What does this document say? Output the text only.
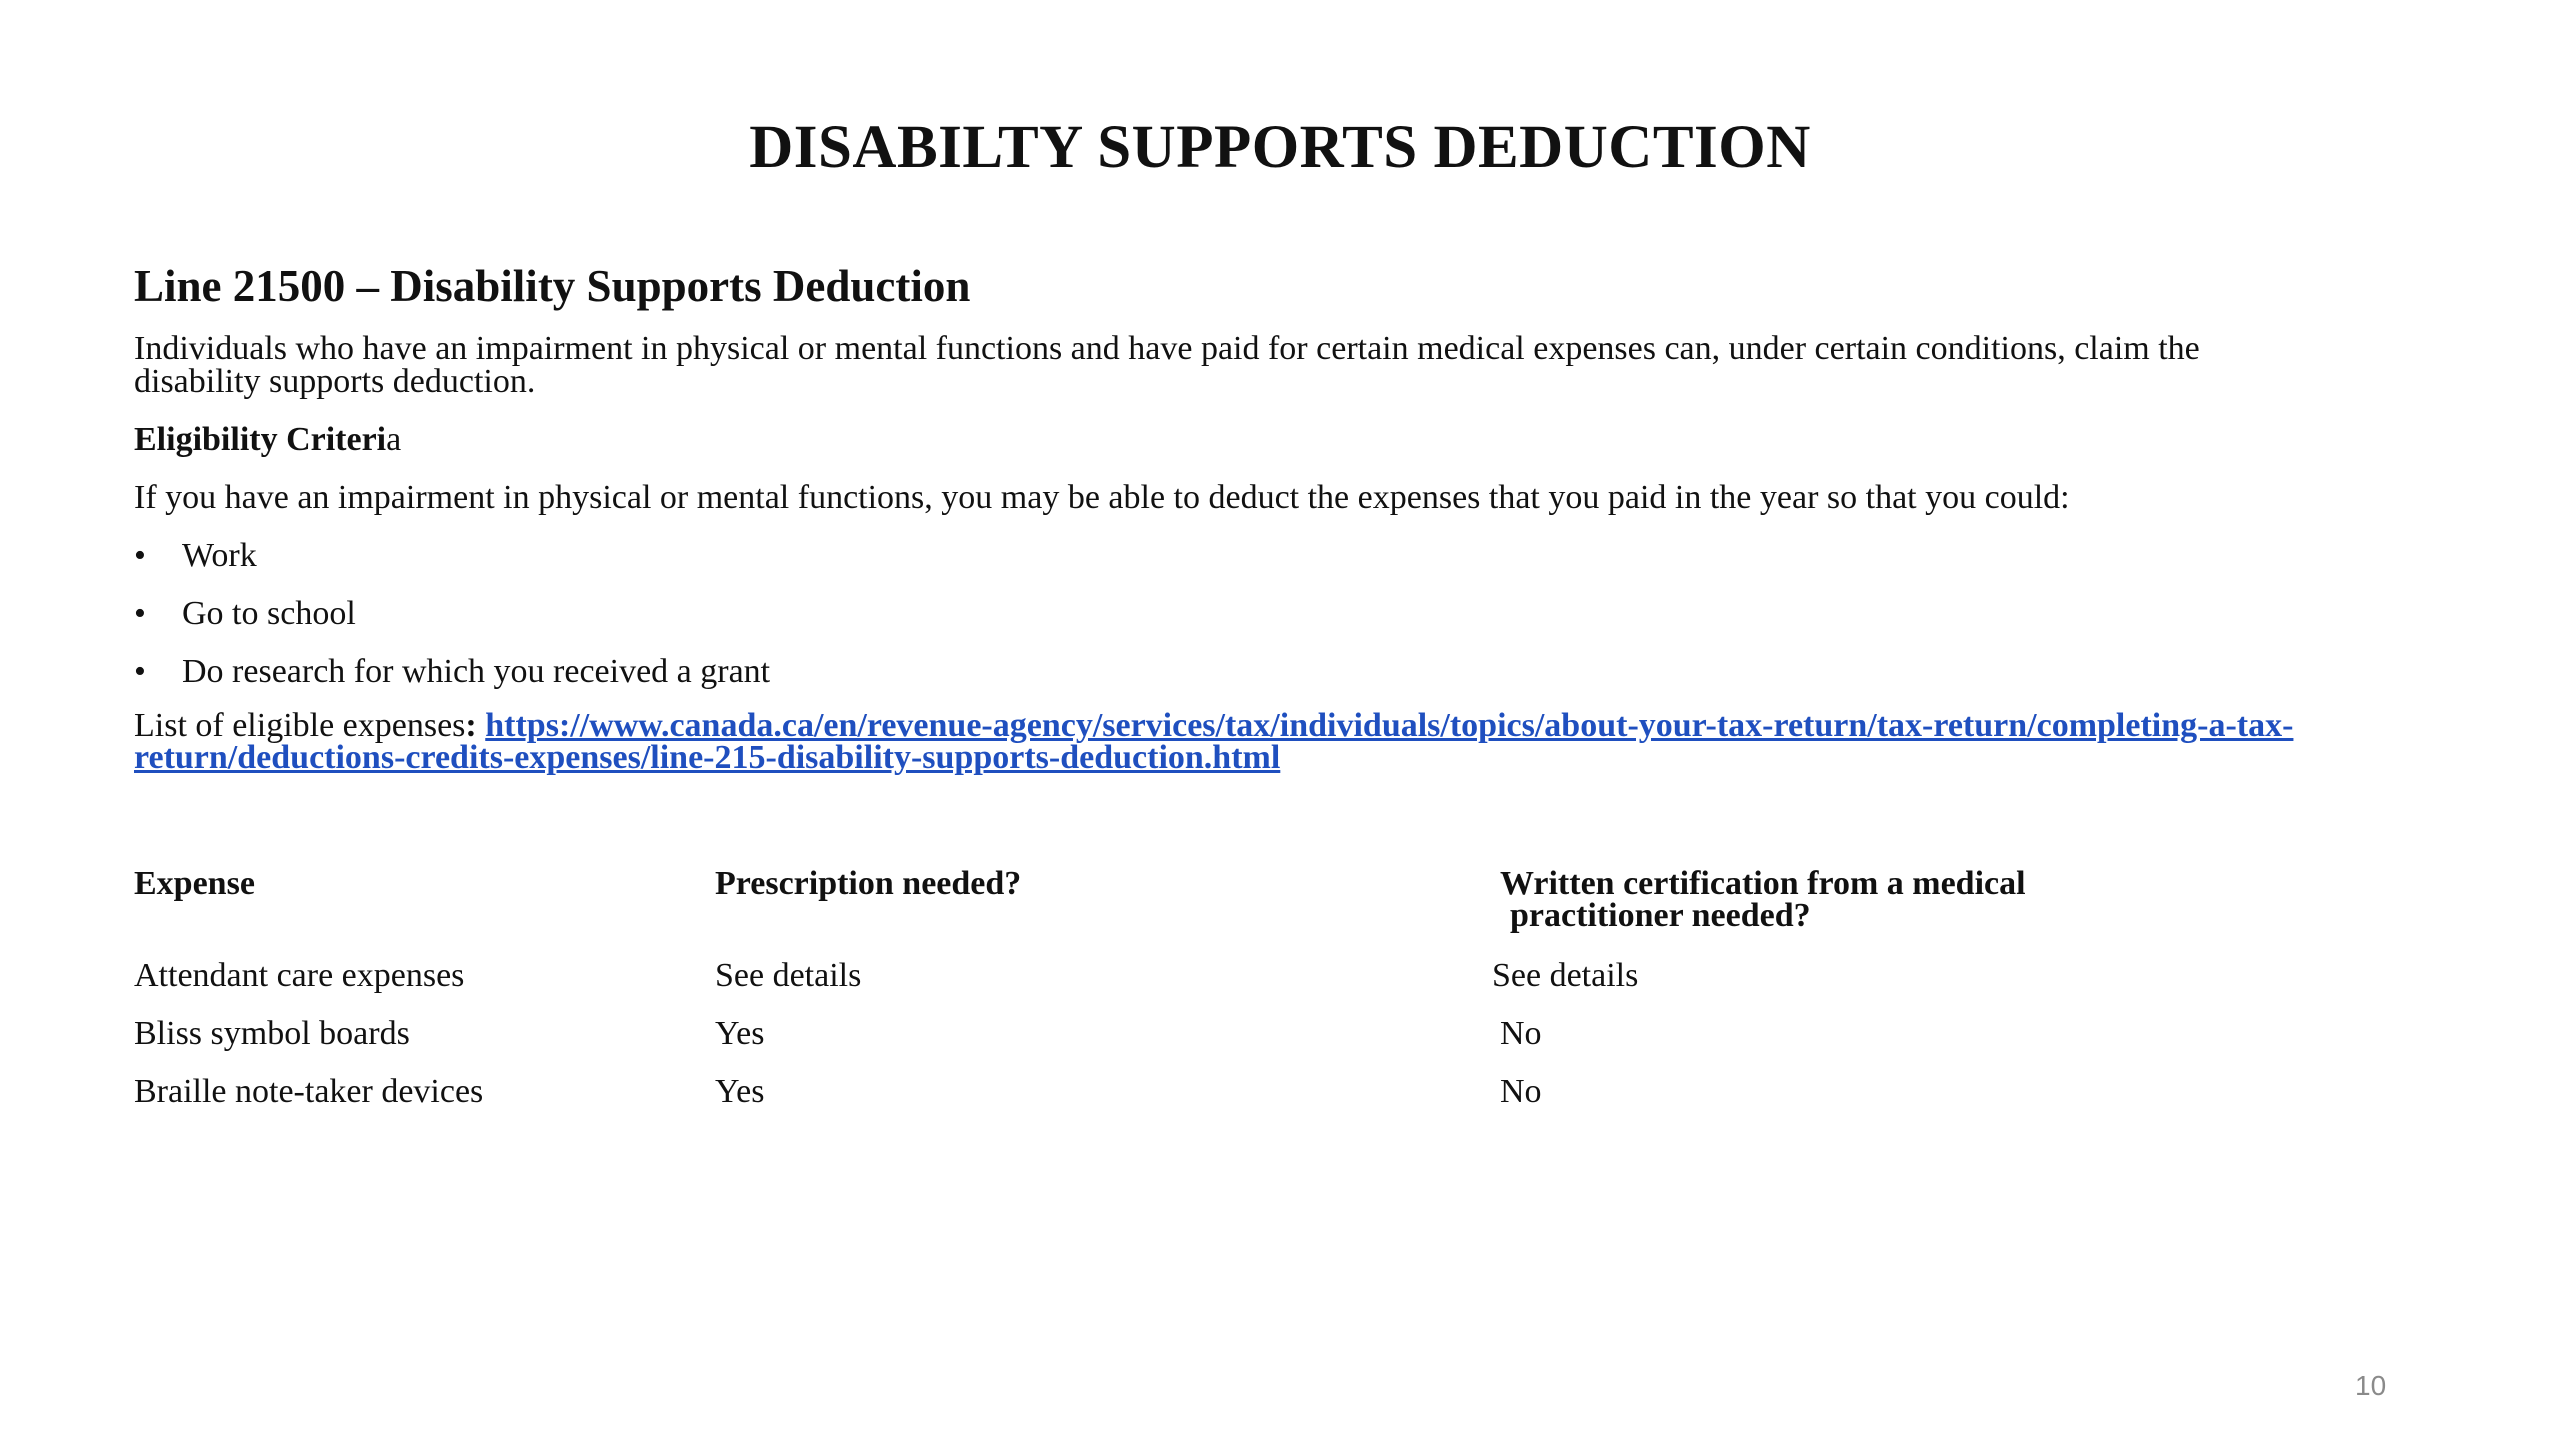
DISABILTY SUPPORTS DEDUCTION
Line 21500 – Disability Supports Deduction

Individuals who have an impairment in physical or mental functions and have paid for certain medical expenses can, under certain conditions, claim the disability supports deduction.

Eligibility Criteria

If you have an impairment in physical or mental functions, you may be able to deduct the expenses that you paid in the year so that you could:

•	Work
•	Go to school
•	Do research for which you received a grant

List of eligible expenses: https://www.canada.ca/en/revenue-agency/services/tax/individuals/topics/about-your-tax-return/tax-return/completing-a-tax-return/deductions-credits-expenses/line-215-disability-supports-deduction.html

Expense	Prescription needed?	Written certification from a medical
practitioner needed?
Attendant care expenses	See details	See details
Bliss symbol boards	Yes	No
Braille note-taker devices	Yes	No
10
